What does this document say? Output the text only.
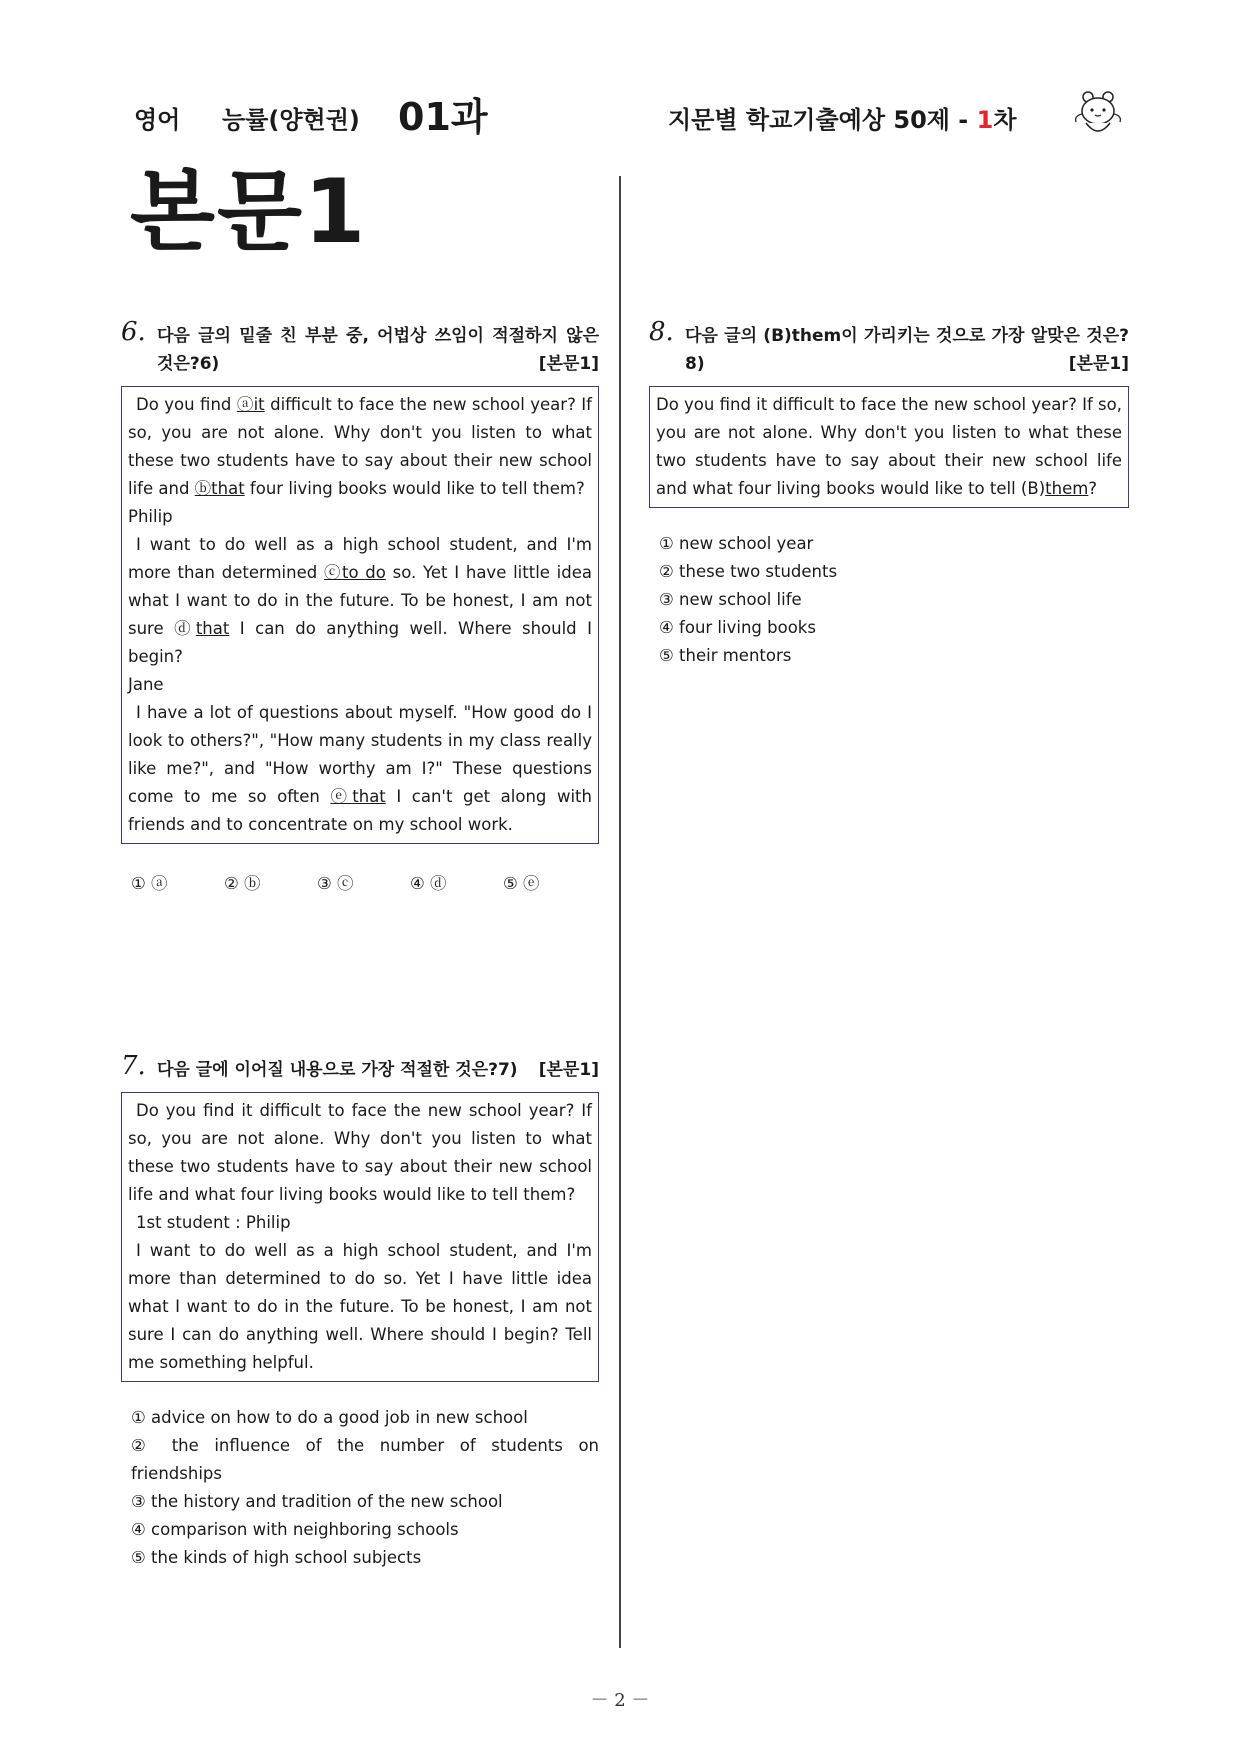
영어 능률(양현권) 01과	지문별 학교기출예상 50제 - 1차
본문1
6. 다음 글의 밑줄 친 부분 중, 어법상 쓰임이 적절하지 않은 것은?6)	[본문1]

Do you find ⓐit difficult to face the new school year? If so, you are not alone. Why don't you listen to what these two students have to say about their new school life and ⓑthat four living books would like to tell them?

Philip

I want to do well as a high school student, and I'm more than determined ⓒto do so. Yet I have little idea what I want to do in the future. To be honest, I am not sure ⓓthat I can do anything well. Where should I begin?

Jane

I have a lot of questions about myself. "How good do I look to others?", "How many students in my class really like me?", and "How worthy am I?" These questions come to me so often ⓔthat I can't get along with friends and to concentrate on my school work.

① ⓐ	② ⓑ	③ ⓒ	④ ⓓ	⑤ ⓔ
7. 다음 글에 이어질 내용으로 가장 적절한 것은?7) [본문1]

Do you find it difficult to face the new school year? If so, you are not alone. Why don't you listen to what these two students have to say about their new school life and what four living books would like to tell them?

1st student : Philip

I want to do well as a high school student, and I'm more than determined to do so. Yet I have little idea what I want to do in the future. To be honest, I am not sure I can do anything well. Where should I begin? Tell me something helpful.

① advice on how to do a good job in new school
② the influence of the number of students on friendships
③ the history and tradition of the new school
④ comparison with neighboring schools
⑤ the kinds of high school subjects
8. 다음 글의 (B)them이 가리키는 것으로 가장 알맞은 것은?8)	[본문1]

Do you find it difficult to face the new school year? If so, you are not alone. Why don't you listen to what these two students have to say about their new school life and what four living books would like to tell (B)them?

① new school year
② these two students
③ new school life
④ four living books
⑤ their mentors
－ 2 －
